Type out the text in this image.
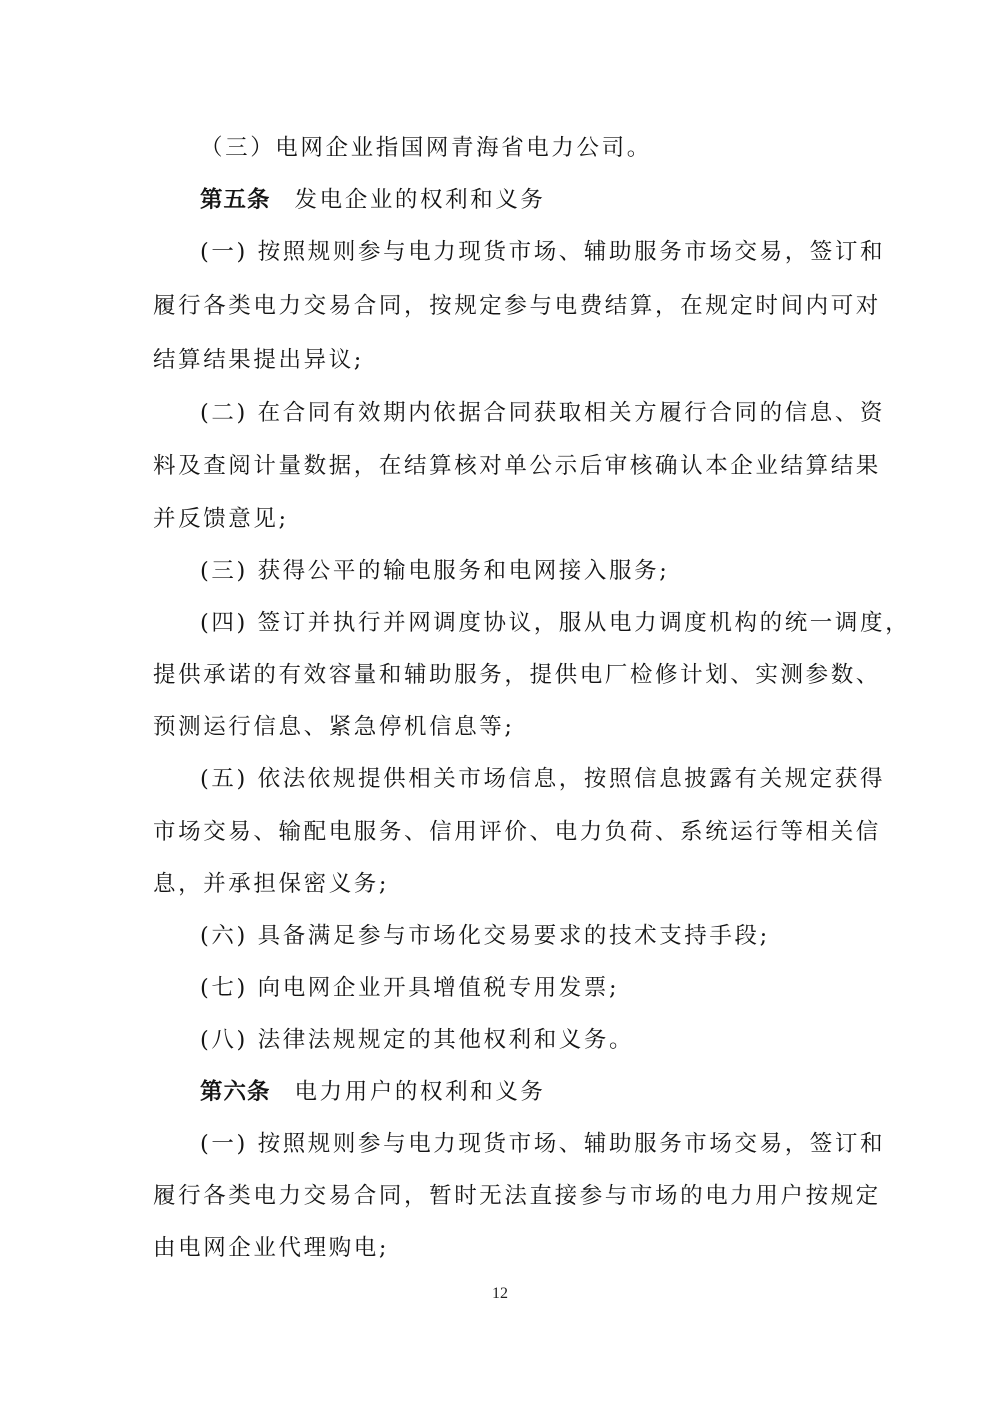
（三）电网企业指国网青海省电力公司。
第五条 发电企业的权利和义务
(一) 按照规则参与电力现货市场、辅助服务市场交易，签订和
履行各类电力交易合同，按规定参与电费结算，在规定时间内可对
结算结果提出异议;
(二) 在合同有效期内依据合同获取相关方履行合同的信息、资
料及查阅计量数据，在结算核对单公示后审核确认本企业结算结果
并反馈意见;
(三) 获得公平的输电服务和电网接入服务;
(四) 签订并执行并网调度协议，服从电力调度机构的统一调度，
提供承诺的有效容量和辅助服务，提供电厂检修计划、实测参数、
预测运行信息、紧急停机信息等;
(五) 依法依规提供相关市场信息，按照信息披露有关规定获得
市场交易、输配电服务、信用评价、电力负荷、系统运行等相关信
息，并承担保密义务;
(六) 具备满足参与市场化交易要求的技术支持手段;
(七) 向电网企业开具增值税专用发票;
(八) 法律法规规定的其他权利和义务。
第六条 电力用户的权利和义务
(一) 按照规则参与电力现货市场、辅助服务市场交易，签订和
履行各类电力交易合同，暂时无法直接参与市场的电力用户按规定
由电网企业代理购电;
12
